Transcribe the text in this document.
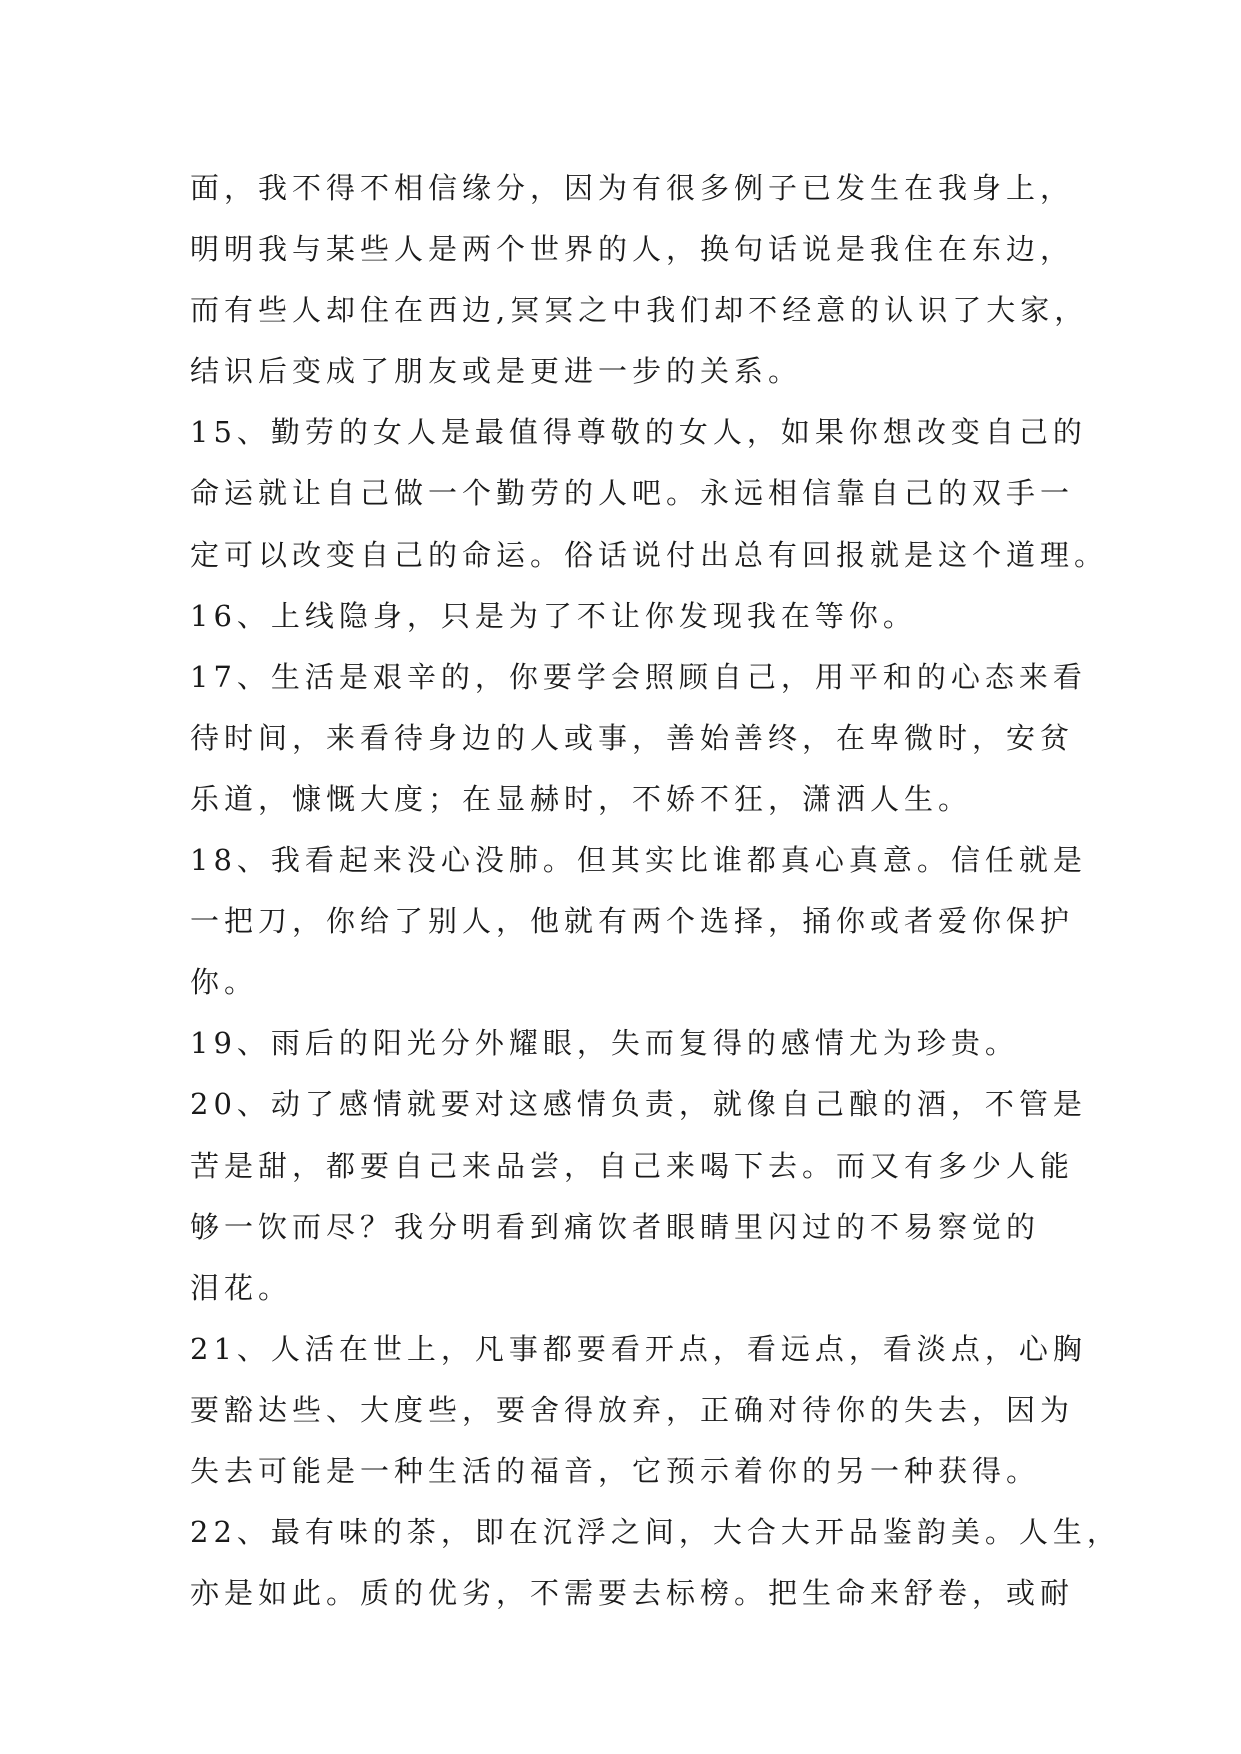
面，我不得不相信缘分，因为有很多例子已发生在我身上，
明明我与某些人是两个世界的人，换句话说是我住在东边，
而有些人却住在西边,冥冥之中我们却不经意的认识了大家，
结识后变成了朋友或是更进一步的关系。
15、勤劳的女人是最值得尊敬的女人，如果你想改变自己的
命运就让自己做一个勤劳的人吧。永远相信靠自己的双手一
定可以改变自己的命运。俗话说付出总有回报就是这个道理。
16、上线隐身，只是为了不让你发现我在等你。
17、生活是艰辛的，你要学会照顾自己，用平和的心态来看
待时间，来看待身边的人或事，善始善终，在卑微时，安贫
乐道，慷慨大度；在显赫时，不娇不狂，潇洒人生。
18、我看起来没心没肺。但其实比谁都真心真意。信任就是
一把刀，你给了别人，他就有两个选择，捅你或者爱你保护
你。
19、雨后的阳光分外耀眼，失而复得的感情尤为珍贵。
20、动了感情就要对这感情负责，就像自己酿的酒，不管是
苦是甜，都要自己来品尝，自己来喝下去。而又有多少人能
够一饮而尽？我分明看到痛饮者眼睛里闪过的不易察觉的
泪花。
21、人活在世上，凡事都要看开点，看远点，看淡点，心胸
要豁达些、大度些，要舍得放弃，正确对待你的失去，因为
失去可能是一种生活的福音，它预示着你的另一种获得。
22、最有味的茶，即在沉浮之间，大合大开品鉴韵美。人生，
亦是如此。质的优劣，不需要去标榜。把生命来舒卷，或耐
